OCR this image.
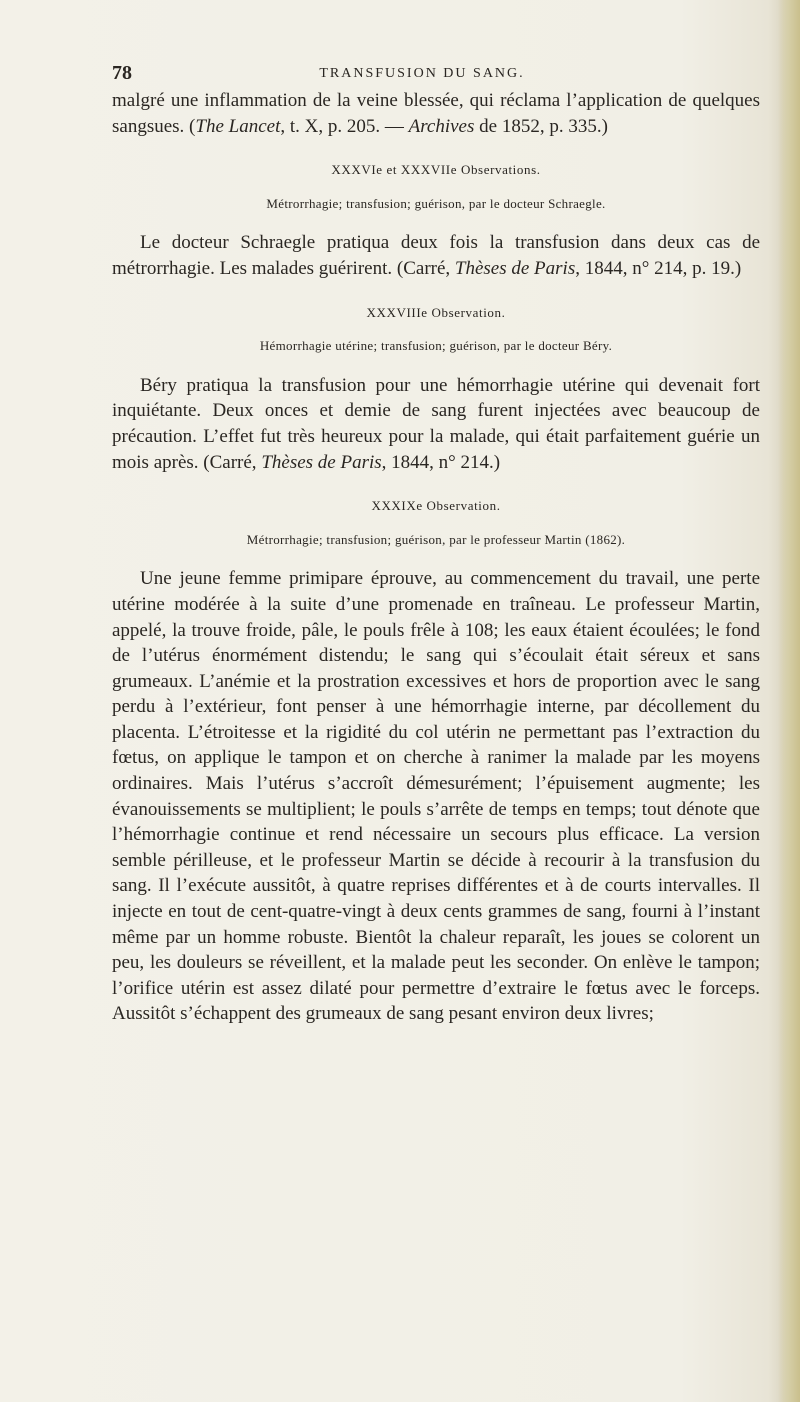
78	TRANSFUSION DU SANG.

malgré une inflammation de la veine blessée, qui réclama l’application de quelques sangsues. (The Lancet, t. X, p. 205. — Archives de 1852, p. 335.)

XXXVIe et XXXVIIe Observations.
Métrorrhagie; transfusion; guérison, par le docteur Schraegle.

Le docteur Schraegle pratiqua deux fois la transfusion dans deux cas de métrorrhagie. Les malades guérirent. (Carré, Thèses de Paris, 1844, n° 214, p. 19.)

XXXVIIIe Observation.
Hémorrhagie utérine; transfusion; guérison, par le docteur Béry.

Béry pratiqua la transfusion pour une hémorrhagie utérine qui devenait fort inquiétante. Deux onces et demie de sang furent injectées avec beaucoup de précaution. L’effet fut très heureux pour la malade, qui était parfaitement guérie un mois après. (Carré, Thèses de Paris, 1844, n° 214.)

XXXIXe Observation.
Métrorrhagie; transfusion; guérison, par le professeur Martin (1862).

Une jeune femme primipare éprouve, au commencement du travail, une perte utérine modérée à la suite d’une promenade en traîneau. Le professeur Martin, appelé, la trouve froide, pâle, le pouls frêle à 108; les eaux étaient écoulées; le fond de l’utérus énormément distendu; le sang qui s’écoulait était séreux et sans grumeaux. L’anémie et la prostration excessives et hors de proportion avec le sang perdu à l’extérieur, font penser à une hémorrhagie interne, par décollement du placenta. L’étroitesse et la rigidité du col utérin ne permettant pas l’extraction du fœtus, on applique le tampon et on cherche à ranimer la malade par les moyens ordinaires. Mais l’utérus s’accroît démesurément; l’épuisement augmente; les évanouissements se multiplient; le pouls s’arrête de temps en temps; tout dénote que l’hémorrhagie continue et rend nécessaire un secours plus efficace. La version semble périlleuse, et le professeur Martin se décide à recourir à la transfusion du sang. Il l’exécute aussitôt, à quatre reprises différentes et à de courts intervalles. Il injecte en tout de cent-quatre-vingt à deux cents grammes de sang, fourni à l’instant même par un homme robuste. Bientôt la chaleur reparaît, les joues se colorent un peu, les douleurs se réveillent, et la malade peut les seconder. On enlève le tampon; l’orifice utérin est assez dilaté pour permettre d’extraire le fœtus avec le forceps. Aussitôt s’échappent des grumeaux de sang pesant environ deux livres;
